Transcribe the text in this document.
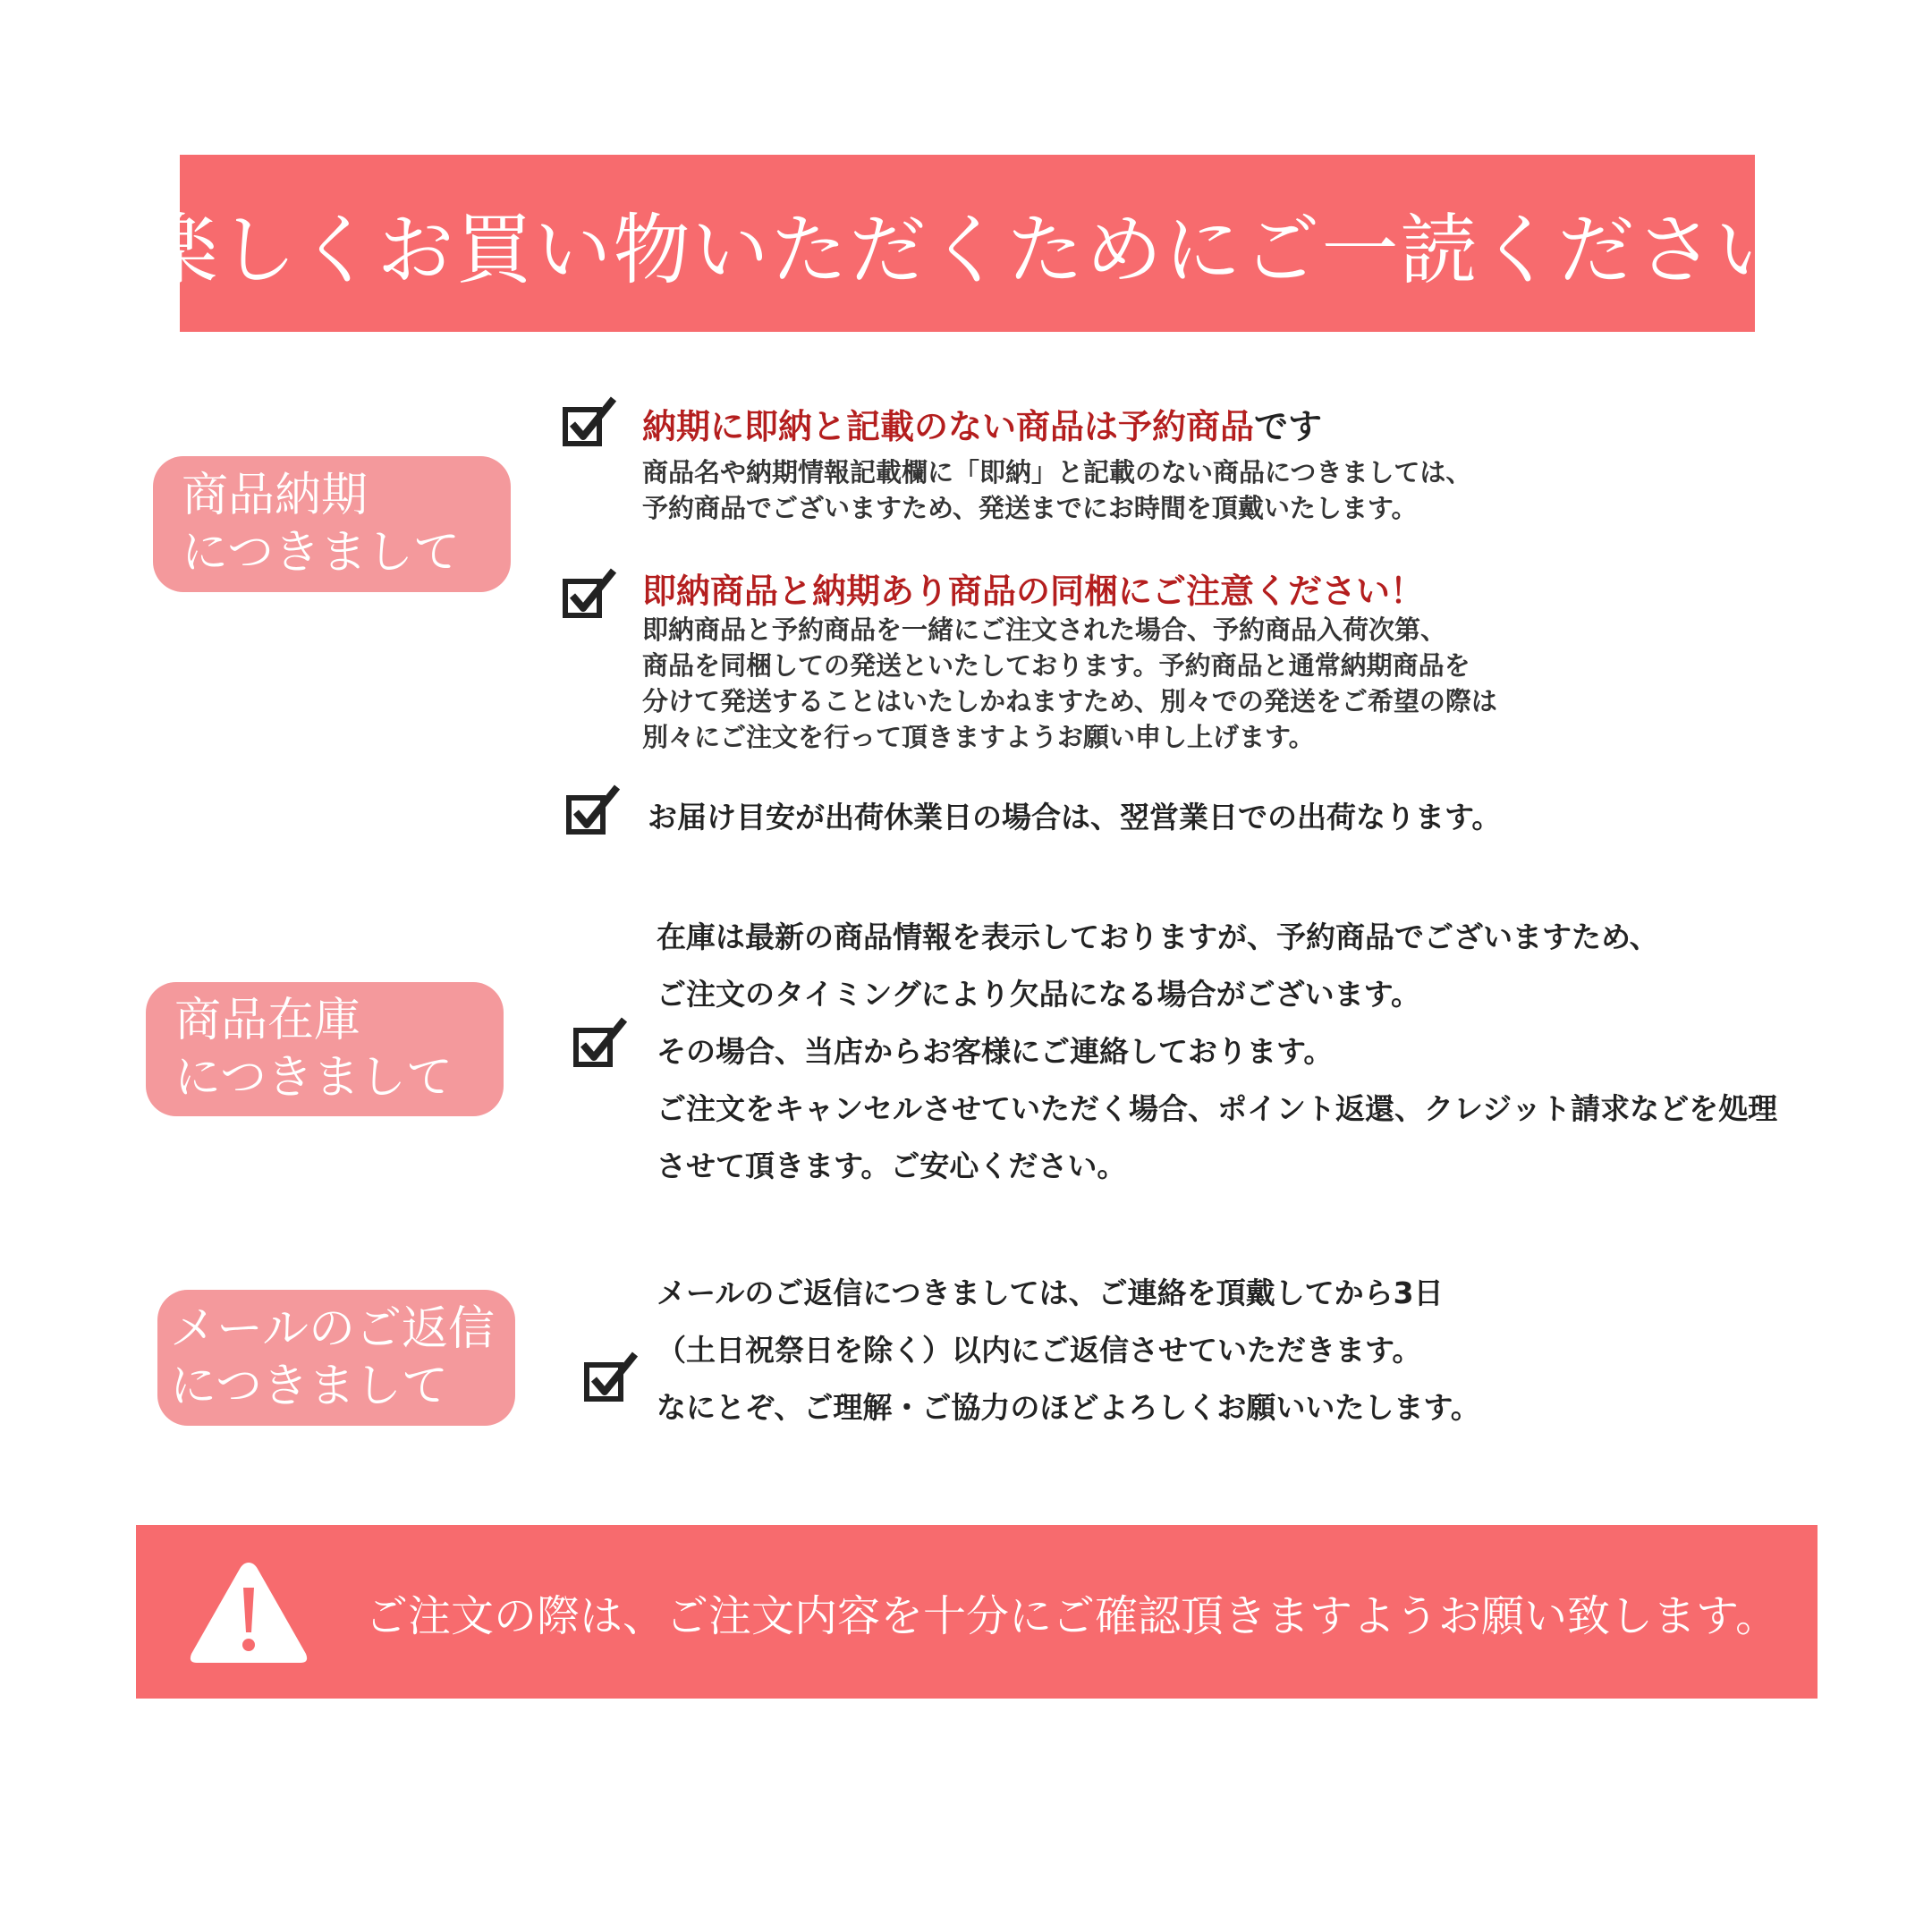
楽しくお買い物いただくためにご一読ください
商品納期
につきまして
納期に即納と記載のない商品は予約商品です
商品名や納期情報記載欄に「即納」と記載のない商品につきましては、
予約商品でございますため、発送までにお時間を頂戴いたします。
即納商品と納期あり商品の同梱にご注意ください！
即納商品と予約商品を一緒にご注文された場合、予約商品入荷次第、
商品を同梱しての発送といたしております。予約商品と通常納期商品を
分けて発送することはいたしかねますため、別々での発送をご希望の際は
別々にご注文を行って頂きますようお願い申し上げます。
お届け目安が出荷休業日の場合は、翌営業日での出荷なります。
商品在庫
につきまして
在庫は最新の商品情報を表示しておりますが、予約商品でございますため、
ご注文のタイミングにより欠品になる場合がございます。
その場合、当店からお客様にご連絡しております。
ご注文をキャンセルさせていただく場合、ポイント返還、クレジット請求などを処理
させて頂きます。ご安心ください。
メールのご返信
につきまして
メールのご返信につきましては、ご連絡を頂戴してから3日
（土日祝祭日を除く）以内にご返信させていただきます。
なにとぞ、ご理解・ご協力のほどよろしくお願いいたします。
ご注文の際は、ご注文内容を十分にご確認頂きますようお願い致します。
